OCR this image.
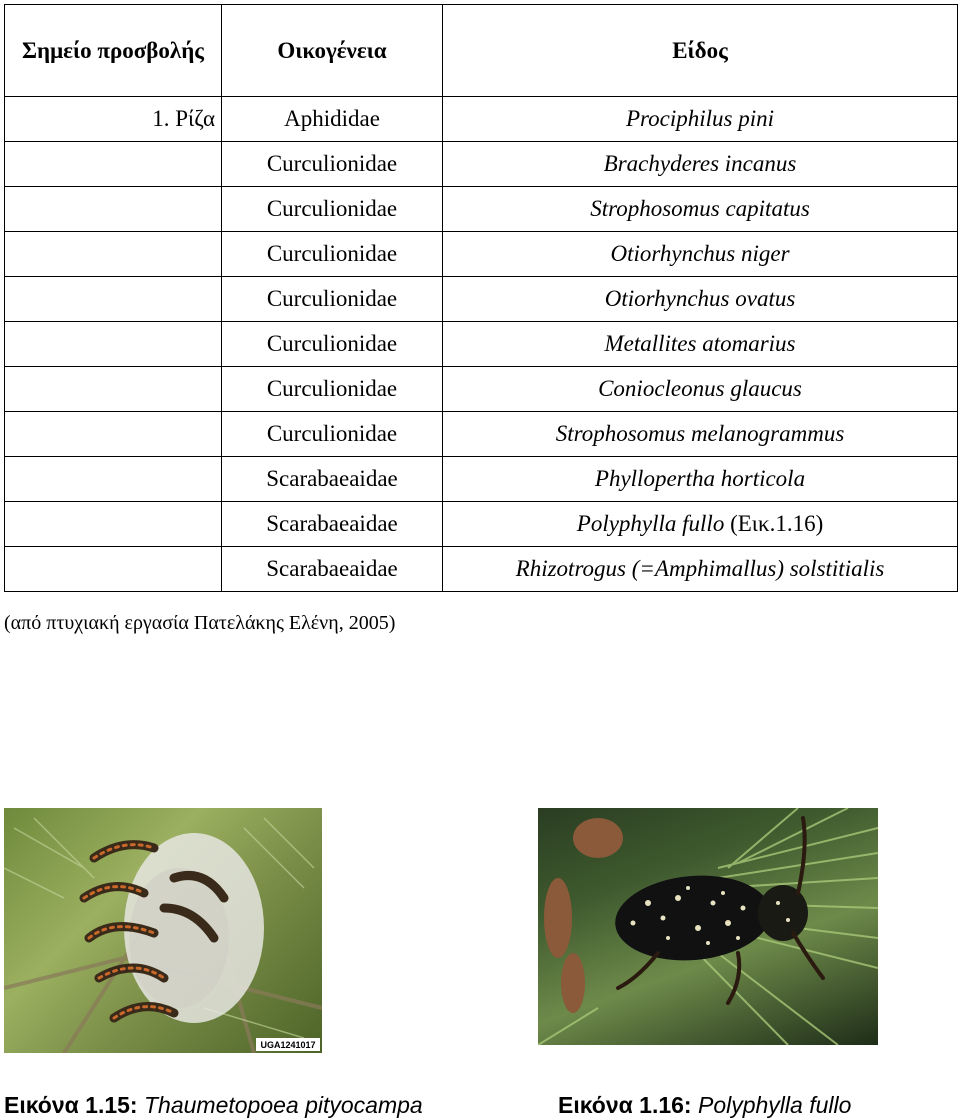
Σημείο προσβολής	Οικογένεια	Είδος
1. Ρίζα	Aphididae	Prociphilus pini
	Curculionidae	Brachyderes incanus
	Curculionidae	Strophosomus capitatus
	Curculionidae	Otiorhynchus niger
	Curculionidae	Otiorhynchus ovatus
	Curculionidae	Metallites atomarius
	Curculionidae	Coniocleonus glaucus
	Curculionidae	Strophosomus melanogrammus
	Scarabaeaidae	Phyllopertha horticola
	Scarabaeaidae	Polyphylla fullo (Εικ.1.16)
	Scarabaeaidae	Rhizotrogus (=Amphimallus) solstitialis
(από πτυχιακή εργασία Πατελάκης Ελένη, 2005)
UGA1241017
Εικόνα 1.15: Thaumetopoea pityocampa	Εικόνα 1.16: Polyphylla fullo
